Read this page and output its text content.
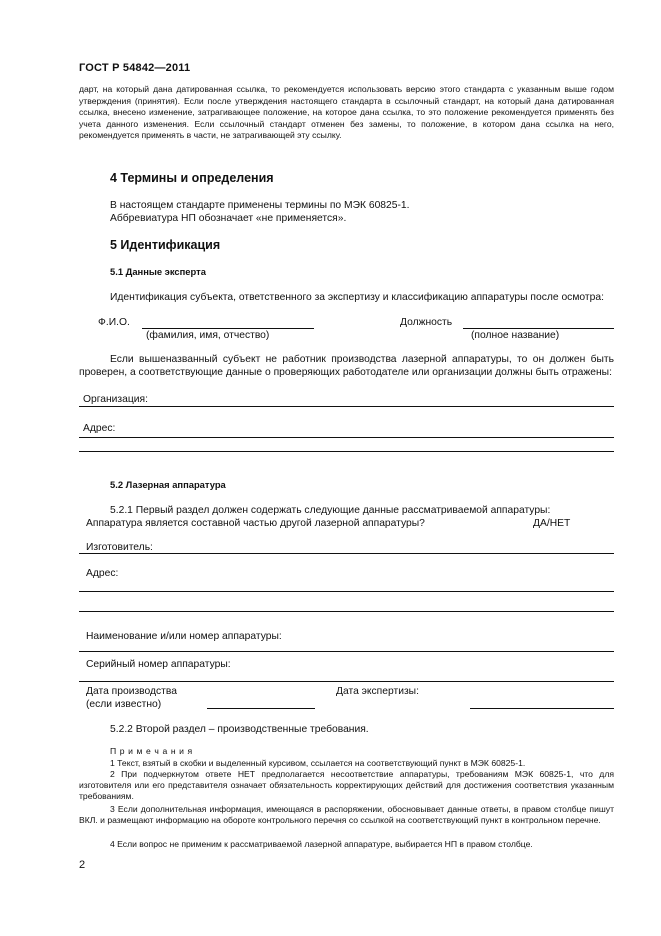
ГОСТ Р 54842—2011
дарт, на который дана датированная ссылка, то рекомендуется использовать версию этого стандарта с указанным выше годом утверждения (принятия). Если после утверждения настоящего стандарта в ссылочный стандарт, на который дана датированная ссылка, внесено изменение, затрагивающее положение, на которое дана ссылка, то это положение рекомендуется применять без учета данного изменения. Если ссылочный стандарт отменен без замены, то положение, в котором дана ссылка на него, рекомендуется применять в части, не затрагивающей эту ссылку.
4 Термины и определения
В настоящем стандарте применены термины по МЭК 60825-1.
Аббревиатура НП обозначает «не применяется».
5 Идентификация
5.1 Данные эксперта
Идентификация субъекта, ответственного за экспертизу и классификацию аппаратуры после осмотра:
Ф.И.О.
(фамилия, имя, отчество)
Должность
(полное название)
Если вышеназванный субъект не работник производства лазерной аппаратуры, то он должен быть проверен, а соответствующие данные о проверяющих работодателе или организации должны быть отражены:
Организация:
Адрес:
5.2 Лазерная аппаратура
5.2.1 Первый раздел должен содержать следующие данные рассматриваемой аппаратуры:
Аппаратура является составной частью другой лазерной аппаратуры?	ДА/НЕТ
Изготовитель:
Адрес:
Наименование и/или номер аппаратуры:
Серийный номер аппаратуры:
Дата производства
(если известно)
Дата экспертизы:
5.2.2 Второй раздел – производственные требования.
П р и м е ч а н и я
1 Текст, взятый в скобки и выделенный курсивом, ссылается на соответствующий пункт в МЭК 60825-1.
2 При подчеркнутом ответе НЕТ предполагается несоответствие аппаратуры, требованиям МЭК 60825-1, что для изготовителя или его представителя означает обязательность корректирующих действий для достижения соответствия указанным требованиям.
3 Если дополнительная информация, имеющаяся в распоряжении, обосновывает данные ответы, в правом столбце пишут ВКЛ. и размещают информацию на обороте контрольного перечня со ссылкой на соответствующий пункт в контрольном перечне.
4 Если вопрос не применим к рассматриваемой лазерной аппаратуре, выбирается НП в правом столбце.
2
